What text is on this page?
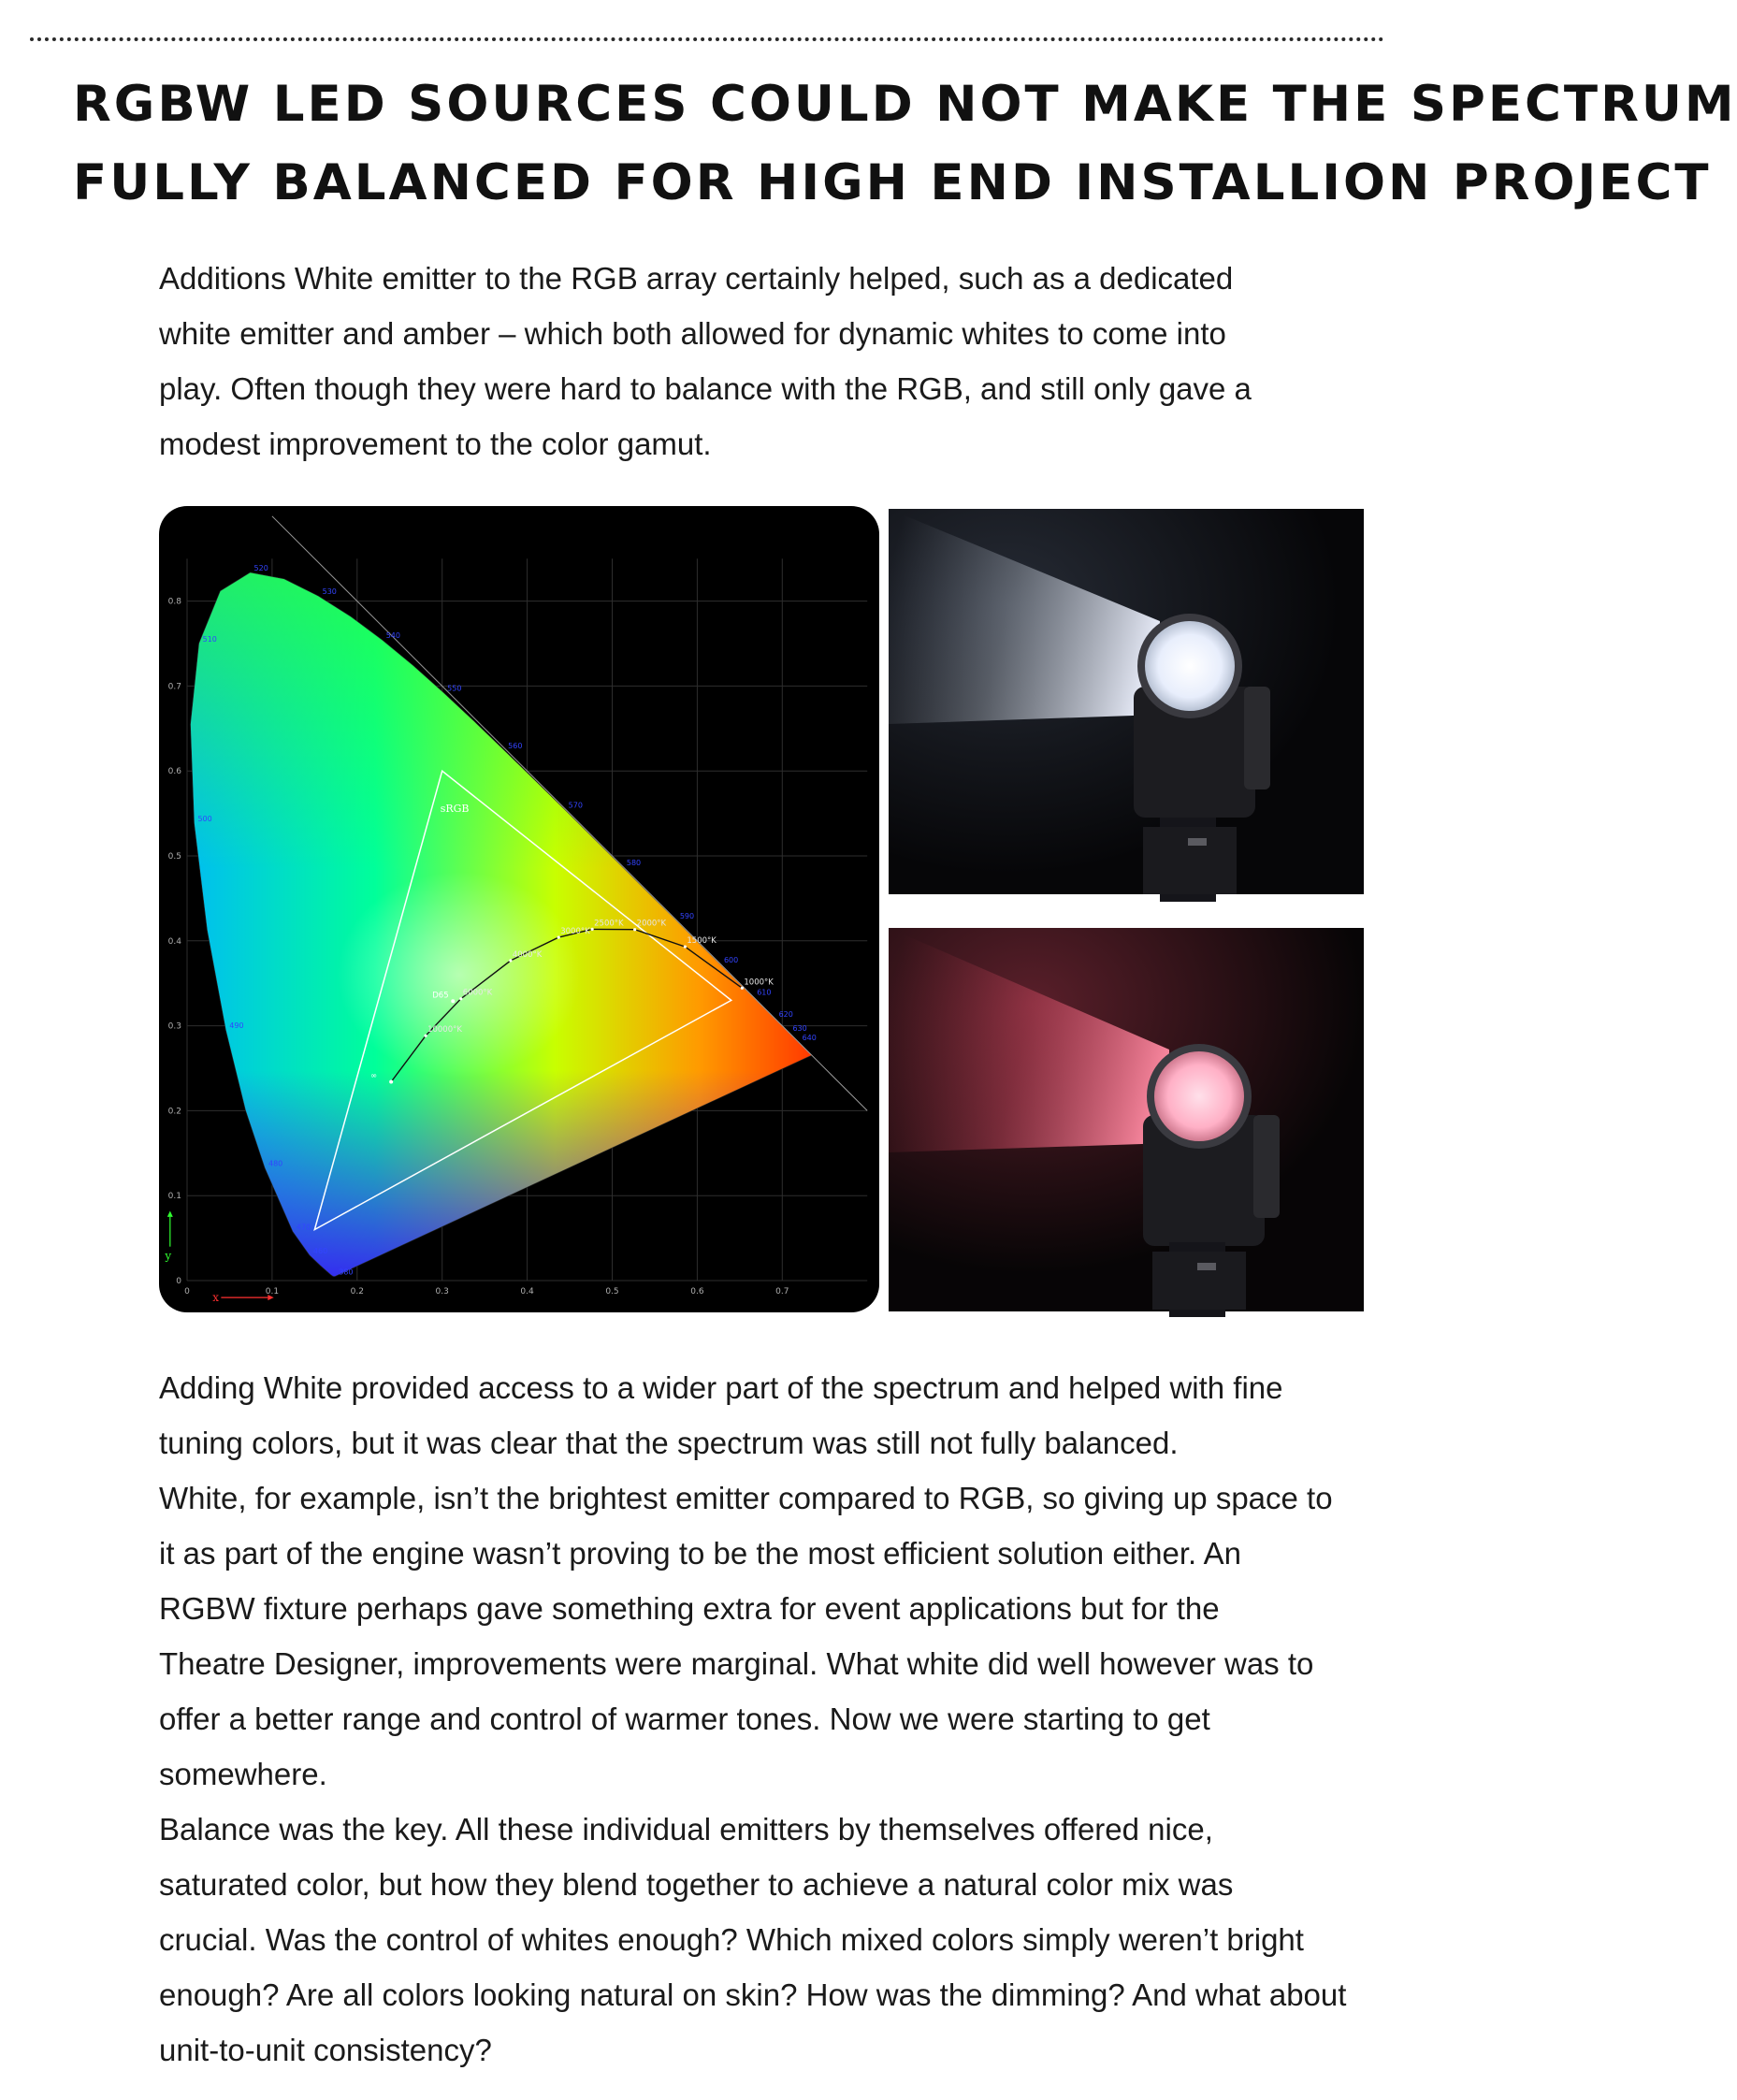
RGBW LED SOURCES COULD NOT MAKE THE SPECTRUM
FULLY BALANCED FOR HIGH END INSTALLION PROJECT
Additions White emitter to the RGB array certainly helped, such as a dedicated
white emitter and amber – which both allowed for dynamic whites to come into
play. Often though they were hard to balance with the RGB, and still only gave a
modest improvement to the color gamut.
sRGB
380
460
470
480
490
500
510
520
530
540
550
560
570
580
590
600
610
620
630
640
10000°K
6000°K
4000°K
3000°K
2500°K 2000°K
1500°K
1000°K
D65
∞
0	0.1	0.2	0.3	0.4	0.5	0.6	0.7
0
0.1
0.2
0.3
0.4
0.5
0.6
0.7
0.8
x
y
Adding White provided access to a wider part of the spectrum and helped with fine
tuning colors, but it was clear that the spectrum was still not fully balanced.
White, for example, isn’t the brightest emitter compared to RGB, so giving up space to
it as part of the engine wasn’t proving to be the most efficient solution either. An
RGBW fixture perhaps gave something extra for event applications but for the
Theatre Designer, improvements were marginal. What white did well however was to
offer a better range and control of warmer tones. Now we were starting to get
somewhere.
Balance was the key. All these individual emitters by themselves offered nice,
saturated color, but how they blend together to achieve a natural color mix was
crucial. Was the control of whites enough? Which mixed colors simply weren’t bright
enough? Are all colors looking natural on skin? How was the dimming? And what about
unit-to-unit consistency?
